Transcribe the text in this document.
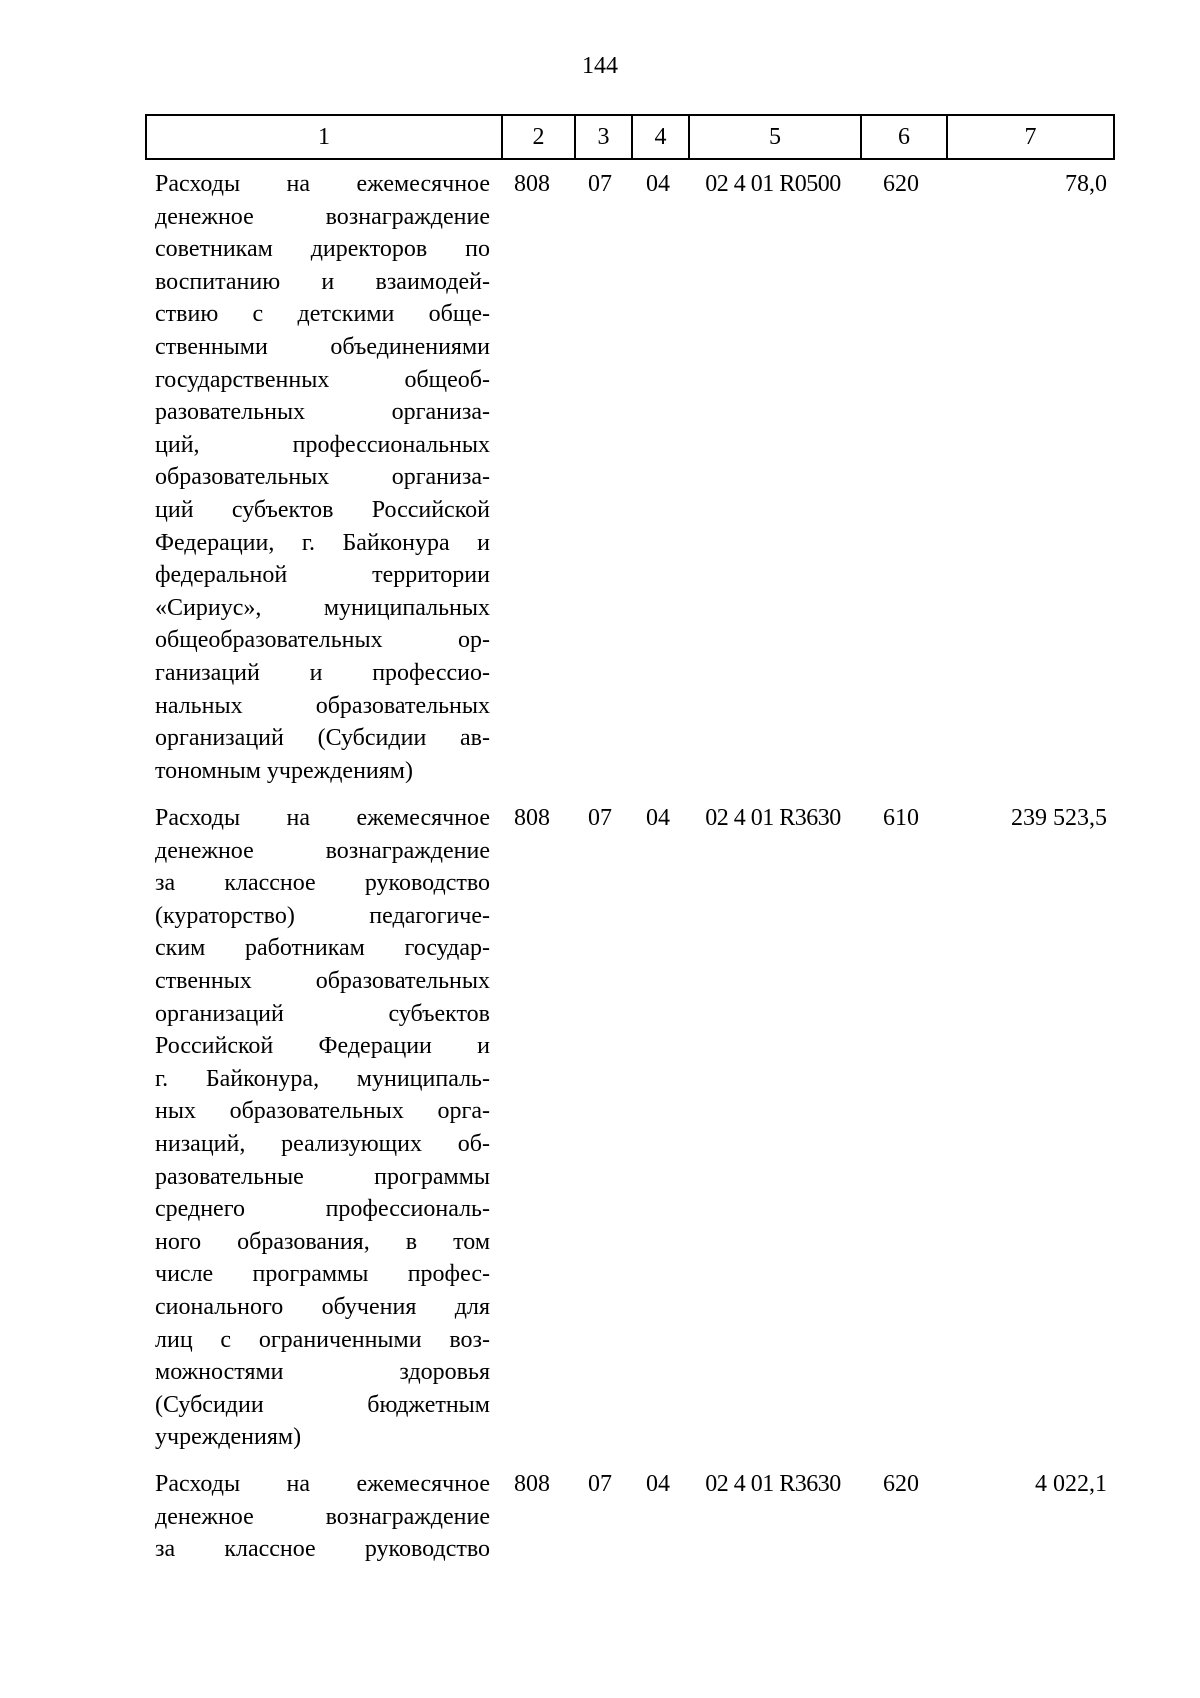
144
1	2	3	4	5	6	7
Расходы на ежемесячное
денежное вознаграждение
советникам директоров по
воспитанию и взаимодей-
ствию с детскими обще-
ственными объединениями
государственных общеоб-
разовательных организа-
ций, профессиональных
образовательных организа-
ций субъектов Российской
Федерации, г. Байконура и
федеральной территории
«Сириус», муниципальных
общеобразовательных ор-
ганизаций и профессио-
нальных образовательных
организаций (Субсидии ав-
тономным учреждениям)
808	07	04	02 4 01 R0500	620	78,0
Расходы на ежемесячное
денежное вознаграждение
за классное руководство
(кураторство) педагогиче-
ским работникам государ-
ственных образовательных
организаций субъектов
Российской Федерации и
г. Байконура, муниципаль-
ных образовательных орга-
низаций, реализующих об-
разовательные программы
среднего профессиональ-
ного образования, в том
числе программы профес-
сионального обучения для
лиц с ограниченными воз-
можностями здоровья
(Субсидии бюджетным
учреждениям)
808	07	04	02 4 01 R3630	610	239 523,5
Расходы на ежемесячное
денежное вознаграждение
за классное руководство
808	07	04	02 4 01 R3630	620	4 022,1
